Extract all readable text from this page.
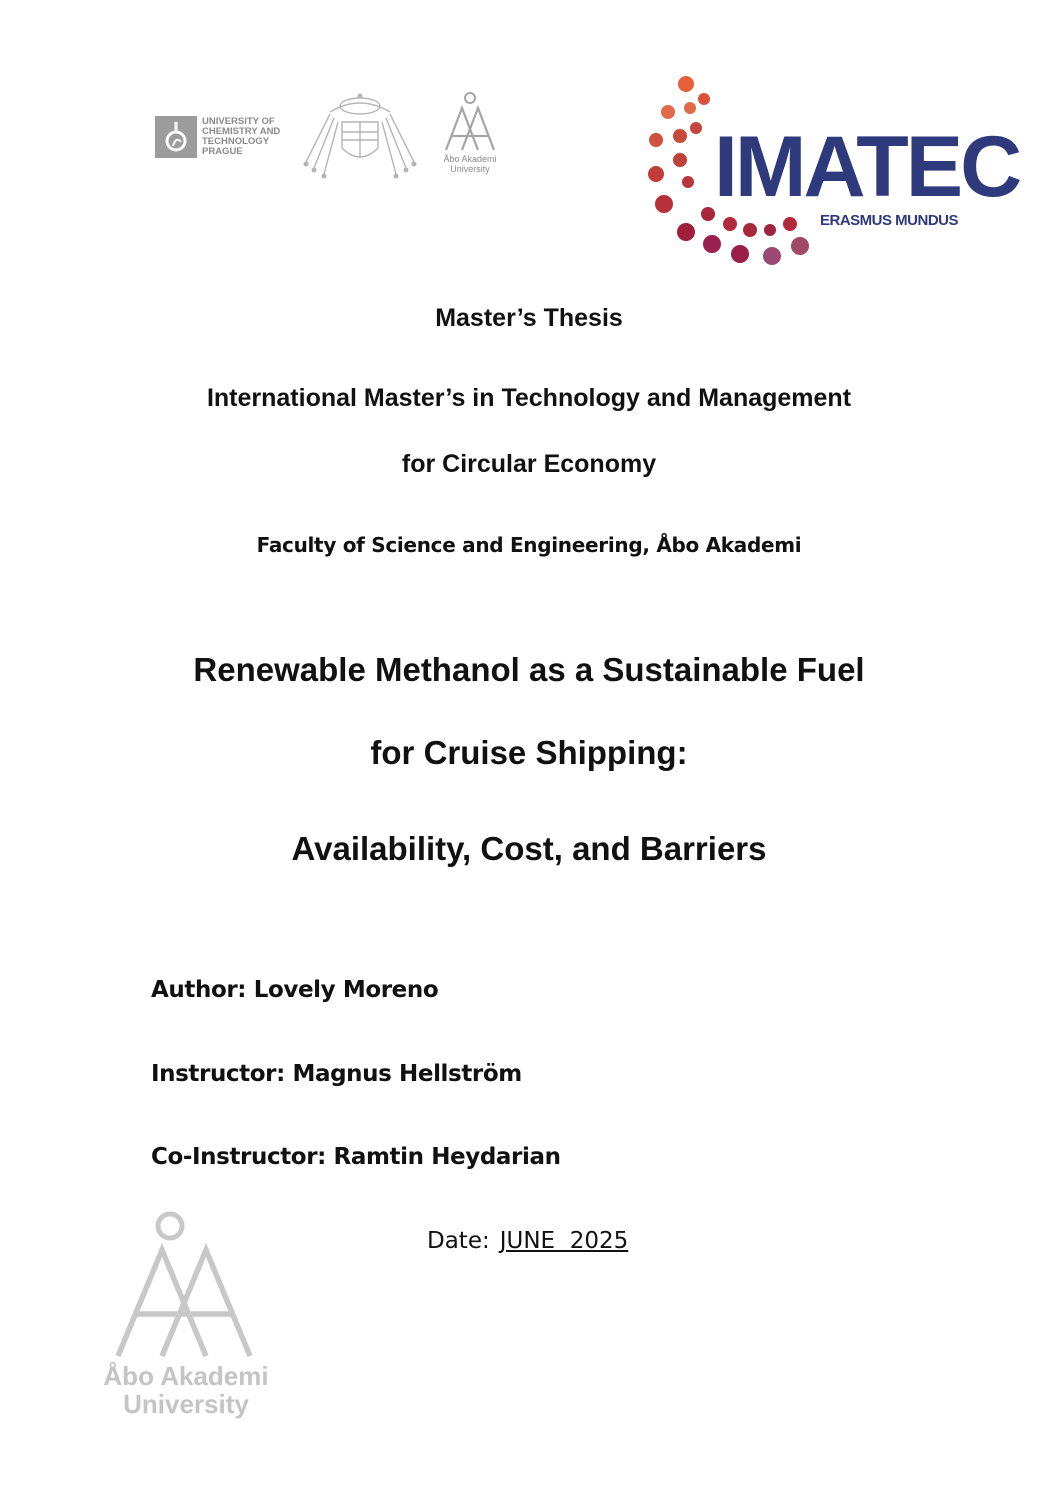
UNIVERSITY OF
CHEMISTRY AND
TECHNOLOGY
PRAGUE
Åbo Akademi
University	IMATEC
ERASMUS MUNDUS
Master’s Thesis
International Master’s in Technology and Management
for Circular Economy
Faculty of Science and Engineering, Åbo Akademi
Renewable Methanol as a Sustainable Fuel
for Cruise Shipping:
Availability, Cost, and Barriers
Author: Lovely Moreno
Instructor: Magnus Hellström
Co-Instructor: Ramtin Heydarian
Date: JUNE  2025
Åbo Akademi
University
